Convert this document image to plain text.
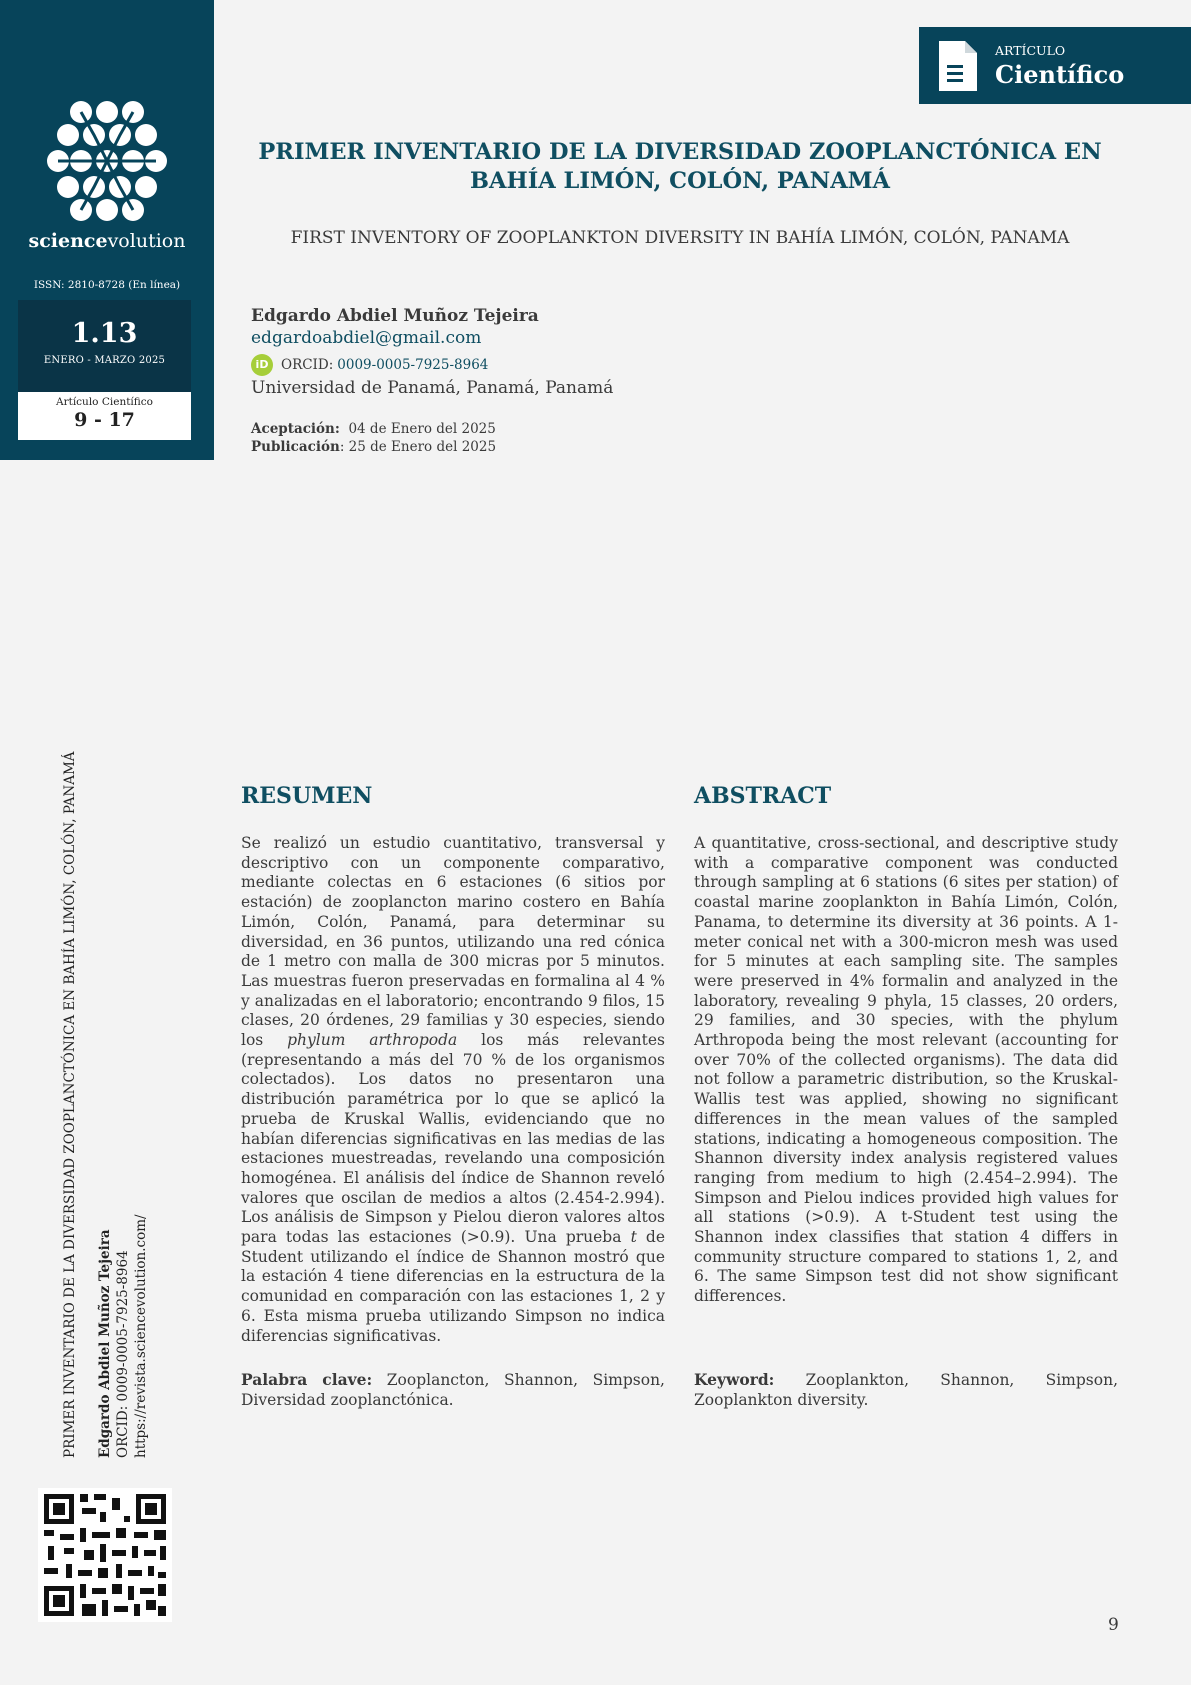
sciencevolution
ISSN: 2810-8728 (En línea)
1.13
ENERO - MARZO 2025
Artículo Científico
9 - 17
ARTÍCULO
Científico
PRIMER INVENTARIO DE LA DIVERSIDAD ZOOPLANCTÓNICA EN BAHÍA LIMÓN, COLÓN, PANAMÁ
FIRST INVENTORY OF ZOOPLANKTON DIVERSITY IN BAHÍA LIMÓN, COLÓN, PANAMA
Edgardo Abdiel Muñoz Tejeira
edgardoabdiel@gmail.com
iD ORCID: 0009-0005-7925-8964
Universidad de Panamá, Panamá, Panamá
Aceptación: 04 de Enero del 2025
Publicación: 25 de Enero del 2025
PRIMER INVENTARIO DE LA DIVERSIDAD ZOOPLANCTÓNICA EN BAHÍA LIMÓN, COLÓN, PANAMÁ Edgardo Abdiel Muñoz Tejeira ORCID: 0009-0005-7925-8964 https://revista.sciencevolution.com/
RESUMEN
Se realizó un estudio cuantitativo, transversal y descriptivo con un componente comparativo, mediante colectas en 6 estaciones (6 sitios por estación) de zooplancton marino costero en Bahía Limón, Colón, Panamá, para determinar su diversidad, en 36 puntos, utilizando una red cónica de 1 metro con malla de 300 micras por 5 minutos. Las muestras fueron preservadas en formalina al 4 % y analizadas en el laboratorio; encontrando 9 filos, 15 clases, 20 órdenes, 29 familias y 30 especies, siendo los phylum arthropoda los más relevantes (representando a más del 70 % de los organismos colectados). Los datos no presentaron una distribución paramétrica por lo que se aplicó la prueba de Kruskal Wallis, evidenciando que no habían diferencias significativas en las medias de las estaciones muestreadas, revelando una composición homogénea. El análisis del índice de Shannon reveló valores que oscilan de medios a altos (2.454-2.994). Los análisis de Simpson y Pielou dieron valores altos para todas las estaciones (>0.9). Una prueba t de Student utilizando el índice de Shannon mostró que la estación 4 tiene diferencias en la estructura de la comunidad en comparación con las estaciones 1, 2 y 6. Esta misma prueba utilizando Simpson no indica diferencias significativas.
Palabra clave: Zooplancton, Shannon, Simpson, Diversidad zooplanctónica.
ABSTRACT
A quantitative, cross-sectional, and descriptive study with a comparative component was conducted through sampling at 6 stations (6 sites per station) of coastal marine zooplankton in Bahía Limón, Colón, Panama, to determine its diversity at 36 points. A 1-meter conical net with a 300-micron mesh was used for 5 minutes at each sampling site. The samples were preserved in 4% formalin and analyzed in the laboratory, revealing 9 phyla, 15 classes, 20 orders, 29 families, and 30 species, with the phylum Arthropoda being the most relevant (accounting for over 70% of the collected organisms). The data did not follow a parametric distribution, so the Kruskal-Wallis test was applied, showing no significant differences in the mean values of the sampled stations, indicating a homogeneous composition. The Shannon diversity index analysis registered values ranging from medium to high (2.454–2.994). The Simpson and Pielou indices provided high values for all stations (>0.9). A t-Student test using the Shannon index classifies that station 4 differs in community structure compared to stations 1, 2, and 6. The same Simpson test did not show significant differences.
Keyword: Zooplankton, Shannon, Simpson, Zooplankton diversity.
9
